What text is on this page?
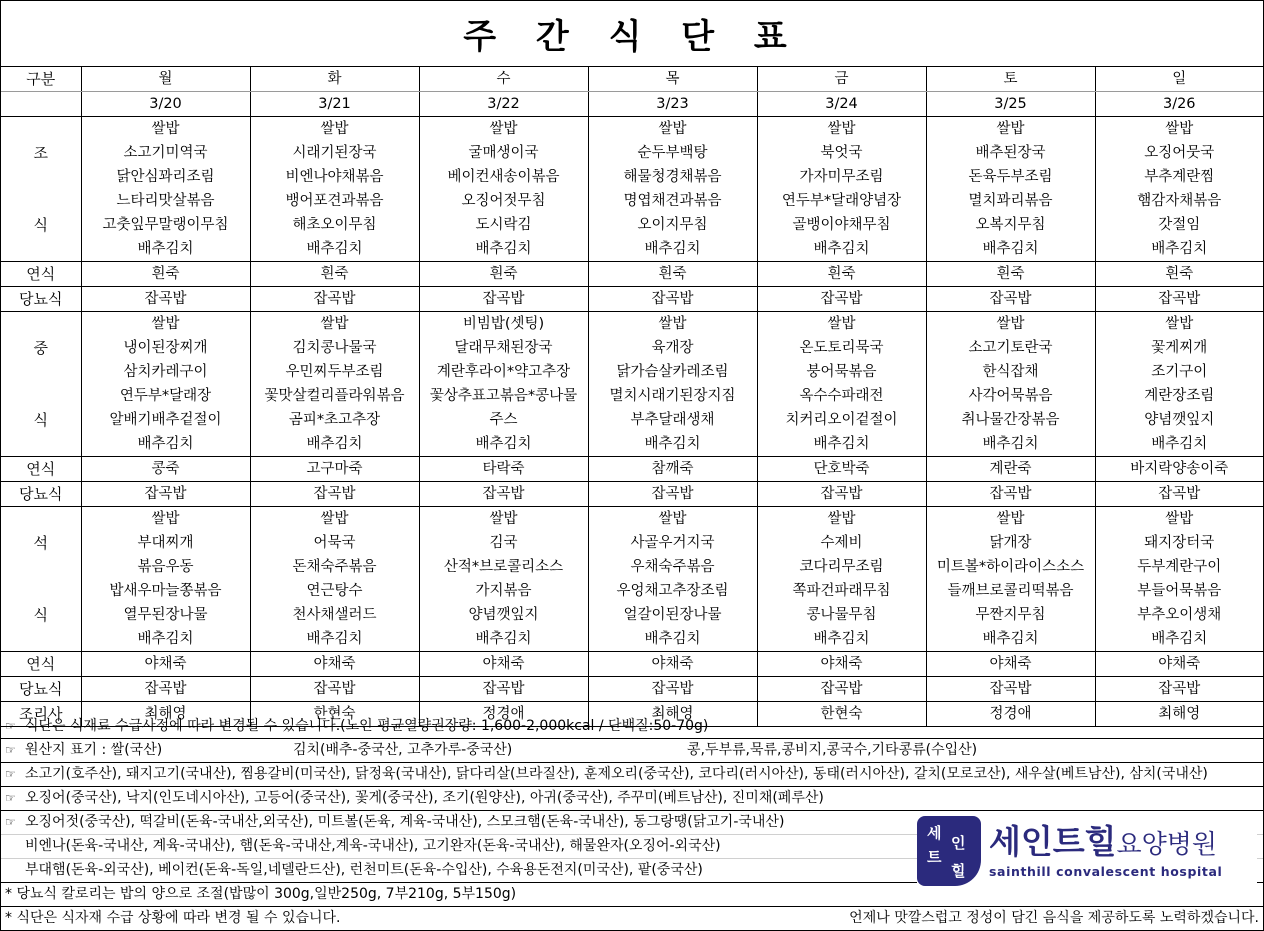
주 간 식 단 표
구분	월	화	수	목	금	토	일
	3/20	3/21	3/22	3/23	3/24	3/25	3/26
	쌀밥	쌀밥	쌀밥	쌀밥	쌀밥	쌀밥	쌀밥
조	소고기미역국	시래기된장국	굴매생이국	순두부백탕	북엇국	배추된장국	오징어뭇국
	닭안심꽈리조림	비엔나야채볶음	베이컨새송이볶음	해물청경채볶음	가자미무조림	돈육두부조림	부추계란찜
	느타리맛살볶음	뱅어포견과볶음	오징어젓무침	명엽채견과볶음	연두부*달래양념장	멸치꽈리볶음	햄감자채볶음
식	고춧잎무말랭이무침	해초오이무침	도시락김	오이지무침	골뱅이야채무침	오복지무침	갓절임
	배추김치	배추김치	배추김치	배추김치	배추김치	배추김치	배추김치
연식	흰죽	흰죽	흰죽	흰죽	흰죽	흰죽	흰죽
당뇨식	잡곡밥	잡곡밥	잡곡밥	잡곡밥	잡곡밥	잡곡밥	잡곡밥
	쌀밥	쌀밥	비빔밥(셋팅)	쌀밥	쌀밥	쌀밥	쌀밥
중	냉이된장찌개	김치콩나물국	달래무채된장국	육개장	온도토리묵국	소고기토란국	꽃게찌개
	삼치카레구이	우민찌두부조림	계란후라이*약고추장	닭가슴살카레조림	붕어묵볶음	한식잡채	조기구이
	연두부*달래장	꽃맛살컬리플라워볶음	꽃상추표고볶음*콩나물	멸치시래기된장지짐	옥수수파래전	사각어묵볶음	계란장조림
식	알배기배추겉절이	곰피*초고추장	주스	부추달래생채	치커리오이겉절이	취나물간장볶음	양념깻잎지
	배추김치	배추김치	배추김치	배추김치	배추김치	배추김치	배추김치
연식	콩죽	고구마죽	타락죽	참깨죽	단호박죽	계란죽	바지락양송이죽
당뇨식	잡곡밥	잡곡밥	잡곡밥	잡곡밥	잡곡밥	잡곡밥	잡곡밥
	쌀밥	쌀밥	쌀밥	쌀밥	쌀밥	쌀밥	쌀밥
석	부대찌개	어묵국	김국	사골우거지국	수제비	닭개장	돼지장터국
	볶음우동	돈채숙주볶음	산적*브로콜리소스	우채숙주볶음	코다리무조림	미트볼*하이라이스소스	두부계란구이
	밥새우마늘쫑볶음	연근탕수	가지볶음	우엉채고추장조림	쪽파건파래무침	들깨브로콜리떡볶음	부들어묵볶음
식	열무된장나물	천사채샐러드	양념깻잎지	얼갈이된장나물	콩나물무침	무짠지무침	부추오이생채
	배추김치	배추김치	배추김치	배추김치	배추김치	배추김치	배추김치
연식	야채죽	야채죽	야채죽	야채죽	야채죽	야채죽	야채죽
당뇨식	잡곡밥	잡곡밥	잡곡밥	잡곡밥	잡곡밥	잡곡밥	잡곡밥
조리사	최해영	한현숙	정경애	최해영	한현숙	정경애	최해영
☞ 식단은 식재료 수급사정에 따라 변경될 수 있습니다.(노인 평균열량권장량: 1,600-2,000kcal / 단백질:50-70g)
☞ 원산지 표기 : 쌀(국산)	김치(배추-중국산, 고추가루-중국산)	콩,두부류,묵류,콩비지,콩국수,기타콩류(수입산)
☞ 소고기(호주산), 돼지고기(국내산), 찜용갈비(미국산), 닭정육(국내산), 닭다리살(브라질산), 훈제오리(중국산), 코다리(러시아산), 동태(러시아산), 갈치(모로코산), 새우살(베트남산), 삼치(국내산)
☞ 오징어(중국산), 낙지(인도네시아산), 고등어(중국산), 꽃게(중국산), 조기(원양산), 아귀(중국산), 주꾸미(베트남산), 진미채(페루산)
☞ 오징어젓(중국산), 떡갈비(돈육-국내산,외국산), 미트볼(돈육, 계육-국내산), 스모크햄(돈육-국내산), 동그랑땡(닭고기-국내산)
비엔나(돈육-국내산, 계육-국내산), 햄(돈육-국내산,계육-국내산), 고기완자(돈육-국내산), 해물완자(오징어-외국산)
부대햄(돈육-외국산), 베이컨(돈육-독일,네델란드산), 런천미트(돈육-수입산), 수육용돈전지(미국산), 팥(중국산)
* 당뇨식 칼로리는 밥의 양으로 조절(밥많이 300g,일반250g, 7부210g, 5부150g)
* 식단은 식자재 수급 상황에 따라 변경 될 수 있습니다.	언제나 맛깔스럽고 정성이 담긴 음식을 제공하도록 노력하겠습니다.
세
인
트
힐
세인트힐요양병원
sainthill convalescent hospital
